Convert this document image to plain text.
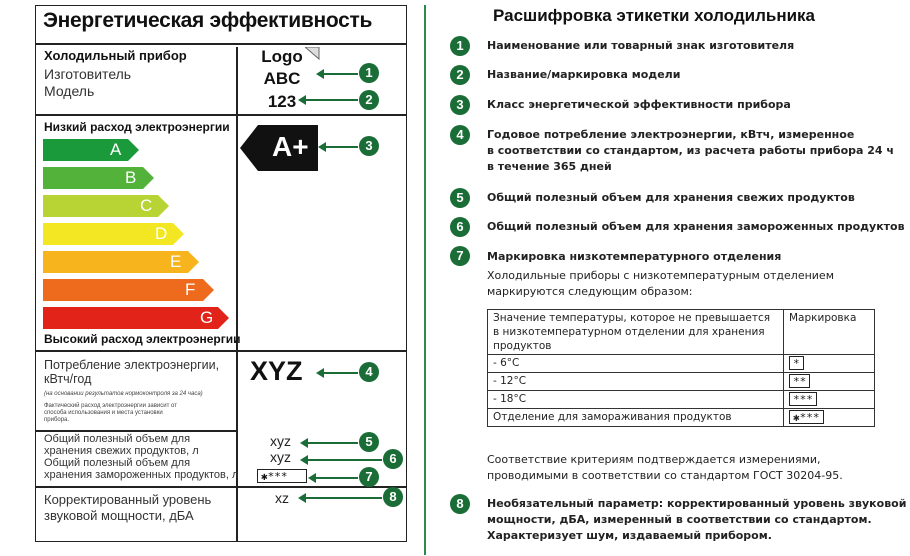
Энергетическая эффективность
Холодильный прибор
Изготовитель
Модель
Logo
ABC
123
Низкий расход электроэнергии
A
B
C
D
E
F
G
A+
Высокий расход электроэнергии
Потребление электроэнергии, кВтч/год
(на основании результатов нормоконтроля за 24 часа)
Фактический расход электроэнергии зависит от способа использования и места установки прибора.
XYZ
Общий полезный объем для хранения свежих продуктов, л
Общий полезный объем для хранения замороженных продуктов, л
xyz
xyz
✱***
Корректированный уровень звуковой мощности, дБА
xz
1
2
3
4
5
6
7
8
Расшифровка этикетки холодильника
1	Наименование или товарный знак изготовителя
2	Название/маркировка модели
3	Класс энергетической эффективности прибора
4	Годовое потребление электроэнергии, кВтч, измеренное
в соответствии со стандартом, из расчета работы прибора 24 ч
в течение 365 дней
5	Общий полезный объем для хранения свежих продуктов
6	Общий полезный объем для хранения замороженных продуктов
7	Маркировка низкотемпературного отделения
Холодильные приборы с низкотемпературным отделением
маркируются следующим образом:
Значение температуры, которое не превышается
в низкотемпературном отделении для хранения
продуктов	Маркировка
- 6°C	*
- 12°C	**
- 18°C	***
Отделение для замораживания продуктов	✱***
Соответствие критериям подтверждается измерениями,
проводимыми в соответствии со стандартом ГОСТ 30204-95.
8	Необязательный параметр: корректированный уровень звуковой
мощности, дБА, измеренный в соответствии со стандартом.
Характеризует шум, издаваемый прибором.
